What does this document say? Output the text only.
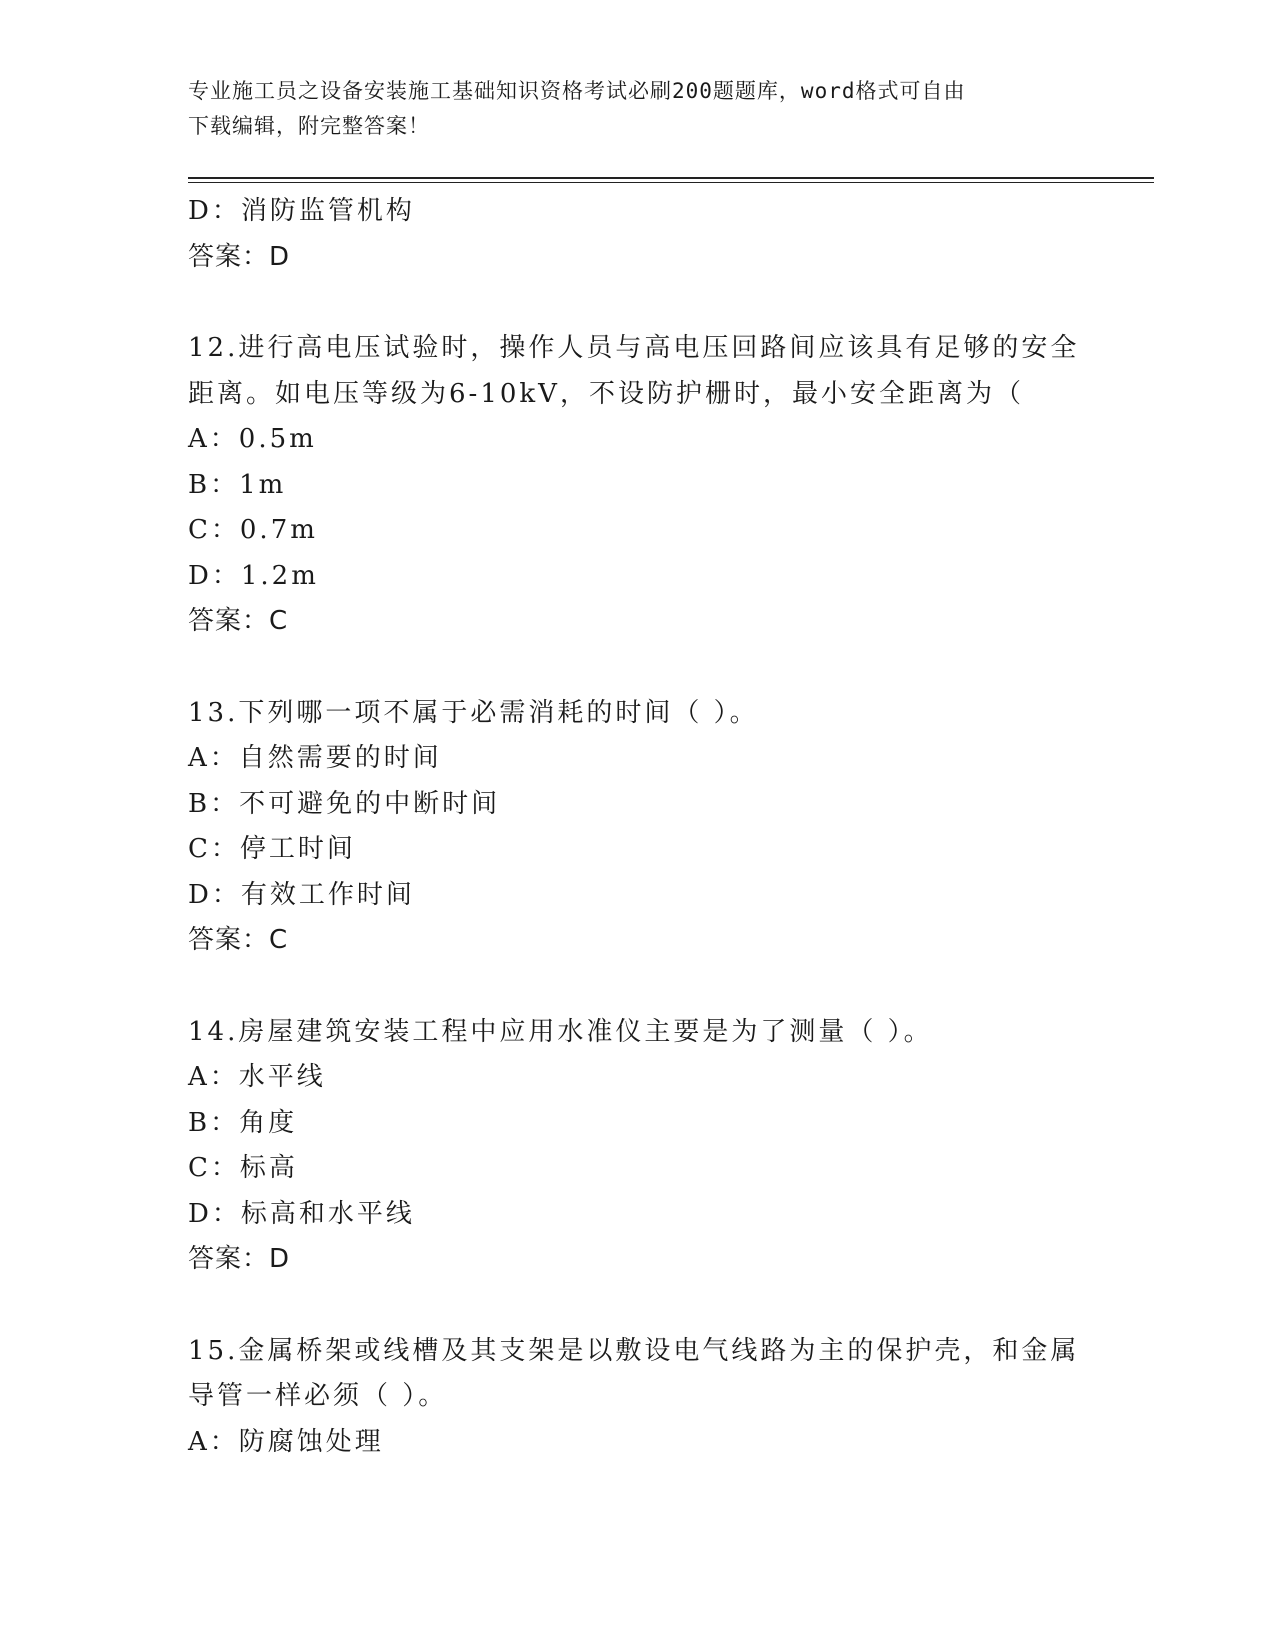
专业施工员之设备安装施工基础知识资格考试必刷200题题库，word格式可自由
下载编辑，附完整答案！
D：消防监管机构
答案：D
12.进行高电压试验时，操作人员与高电压回路间应该具有足够的安全
距离。如电压等级为6-10kV，不设防护栅时，最小安全距离为（
A：0.5m
B：1m
C：0.7m
D：1.2m
答案：C
13.下列哪一项不属于必需消耗的时间（ ）。
A：自然需要的时间
B：不可避免的中断时间
C：停工时间
D：有效工作时间
答案：C
14.房屋建筑安装工程中应用水准仪主要是为了测量（ ）。
A：水平线
B：角度
C：标高
D：标高和水平线
答案：D
15.金属桥架或线槽及其支架是以敷设电气线路为主的保护壳，和金属
导管一样必须（ ）。
A：防腐蚀处理
